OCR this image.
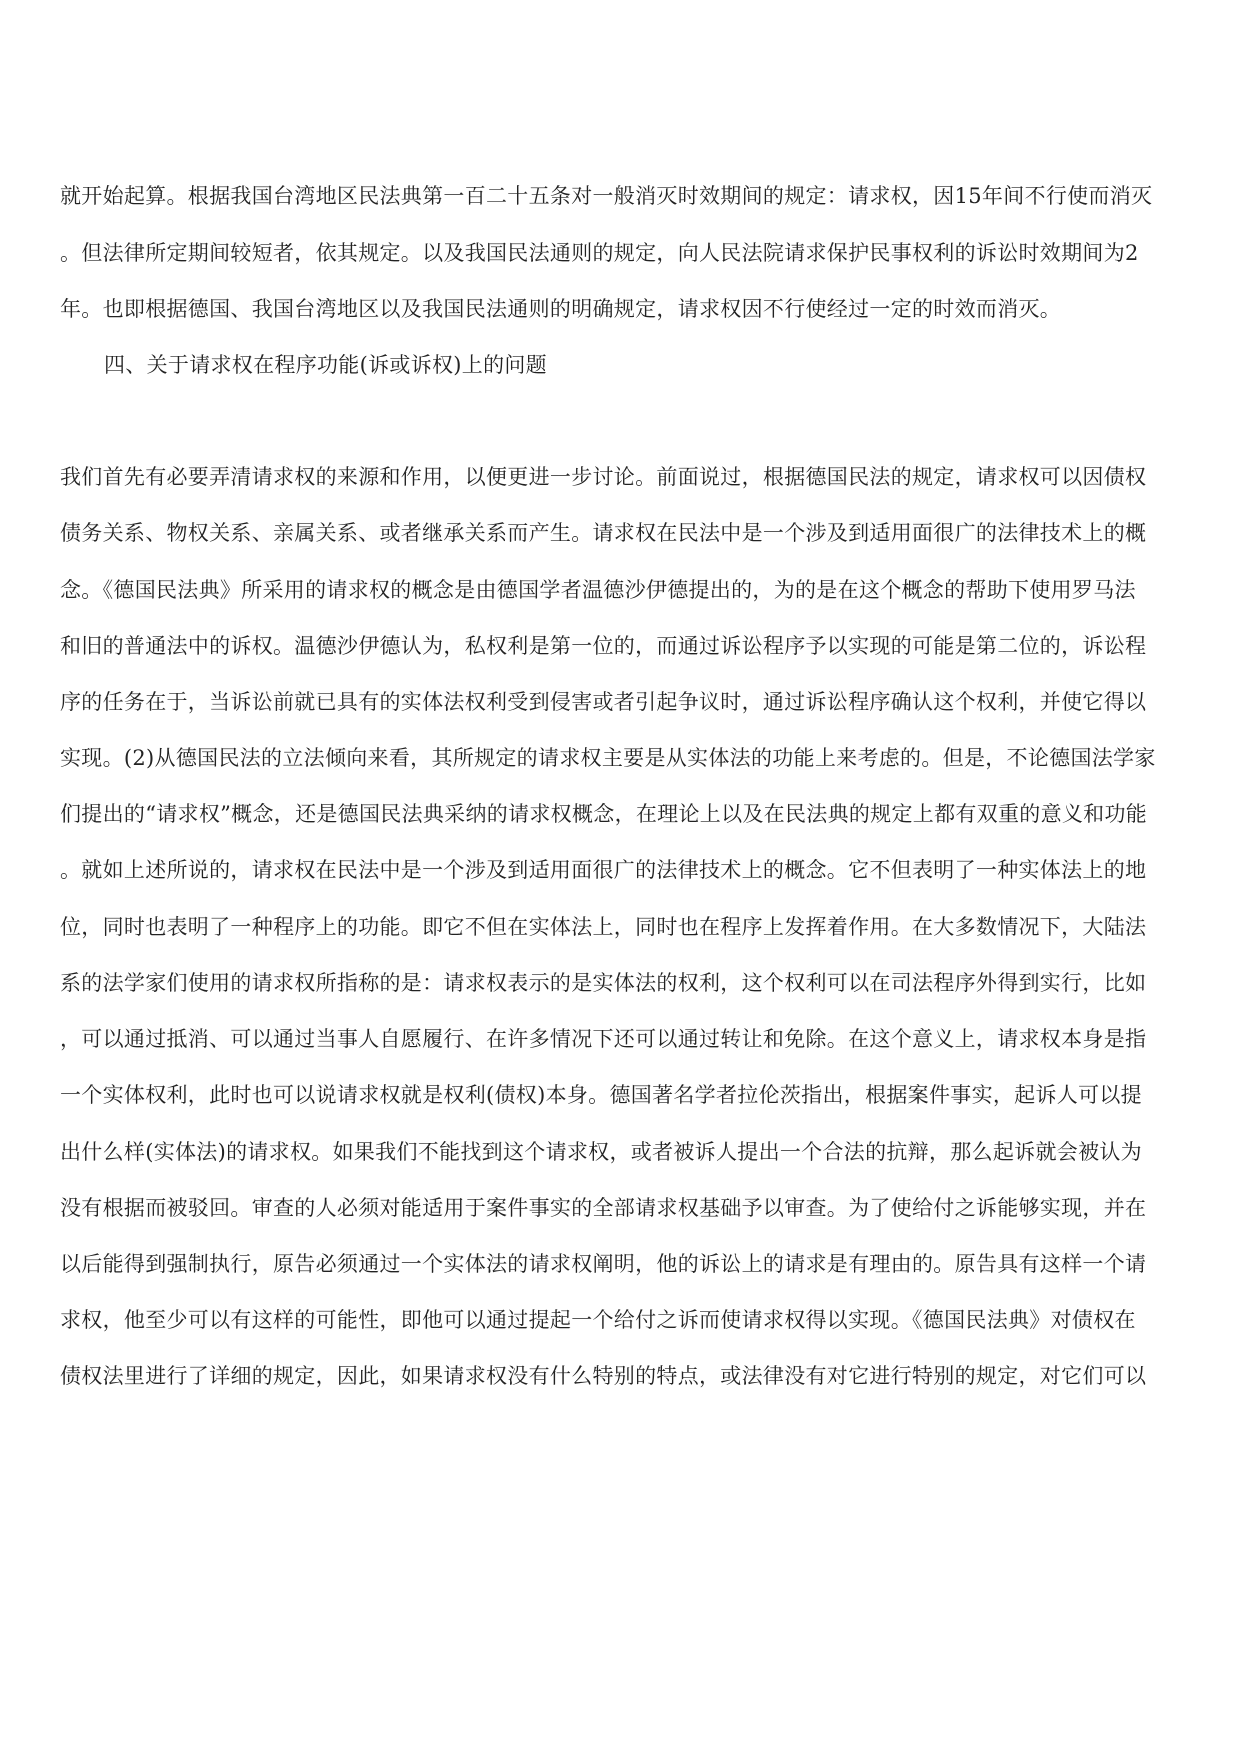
就开始起算。根据我国台湾地区民法典第一百二十五条对一般消灭时效期间的规定：请求权，因15年间不行使而消灭
。但法律所定期间较短者，依其规定。以及我国民法通则的规定，向人民法院请求保护民事权利的诉讼时效期间为2
年。也即根据德国、我国台湾地区以及我国民法通则的明确规定，请求权因不行使经过一定的时效而消灭。
四、关于请求权在程序功能(诉或诉权)上的问题
我们首先有必要弄清请求权的来源和作用，以便更进一步讨论。前面说过，根据德国民法的规定，请求权可以因债权
债务关系、物权关系、亲属关系、或者继承关系而产生。请求权在民法中是一个涉及到适用面很广的法律技术上的概
念。《德国民法典》所采用的请求权的概念是由德国学者温德沙伊德提出的，为的是在这个概念的帮助下使用罗马法
和旧的普通法中的诉权。温德沙伊德认为，私权利是第一位的，而通过诉讼程序予以实现的可能是第二位的，诉讼程
序的任务在于，当诉讼前就已具有的实体法权利受到侵害或者引起争议时，通过诉讼程序确认这个权利，并使它得以
实现。(2)从德国民法的立法倾向来看，其所规定的请求权主要是从实体法的功能上来考虑的。但是，不论德国法学家
们提出的“请求权”概念，还是德国民法典采纳的请求权概念，在理论上以及在民法典的规定上都有双重的意义和功能
。就如上述所说的，请求权在民法中是一个涉及到适用面很广的法律技术上的概念。它不但表明了一种实体法上的地
位，同时也表明了一种程序上的功能。即它不但在实体法上，同时也在程序上发挥着作用。在大多数情况下，大陆法
系的法学家们使用的请求权所指称的是：请求权表示的是实体法的权利，这个权利可以在司法程序外得到实行，比如
，可以通过抵消、可以通过当事人自愿履行、在许多情况下还可以通过转让和免除。在这个意义上，请求权本身是指
一个实体权利，此时也可以说请求权就是权利(债权)本身。德国著名学者拉伦茨指出，根据案件事实，起诉人可以提
出什么样(实体法)的请求权。如果我们不能找到这个请求权，或者被诉人提出一个合法的抗辩，那么起诉就会被认为
没有根据而被驳回。审查的人必须对能适用于案件事实的全部请求权基础予以审查。为了使给付之诉能够实现，并在
以后能得到强制执行，原告必须通过一个实体法的请求权阐明，他的诉讼上的请求是有理由的。原告具有这样一个请
求权，他至少可以有这样的可能性，即他可以通过提起一个给付之诉而使请求权得以实现。《德国民法典》对债权在
债权法里进行了详细的规定，因此，如果请求权没有什么特别的特点，或法律没有对它进行特别的规定，对它们可以
